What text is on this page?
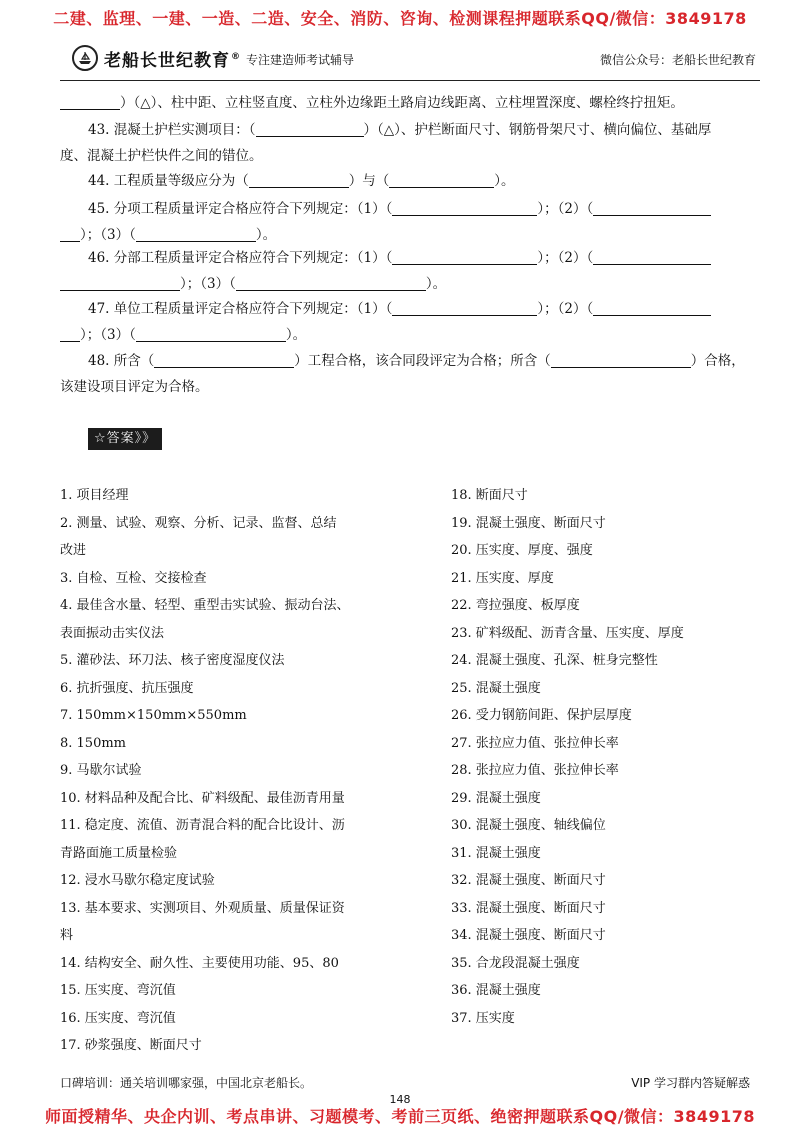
二建、监理、一建、一造、二造、安全、消防、咨询、检测课程押题联系QQ/微信：3849178
老船长世纪教育® 专注建造师考试辅导	微信公众号：老船长世纪教育
）（△）、柱中距、立柱竖直度、立柱外边缘距土路肩边线距离、立柱埋置深度、螺栓终拧扭矩。
43. 混凝土护栏实测项目：（	）（△）、护栏断面尺寸、钢筋骨架尺寸、横向偏位、基础厚
度、混凝土护栏快件之间的错位。
44. 工程质量等级应分为（	）与（	）。
45. 分项工程质量评定合格应符合下列规定：（1）（	）；（2）（
）；（3）（	）。
46. 分部工程质量评定合格应符合下列规定：（1）（	）；（2）（
）；（3）（	）。
47. 单位工程质量评定合格应符合下列规定：（1）（	）；（2）（
）；（3）（	）。
48. 所含（	）工程合格，该合同段评定为合格；所含（	）合格，
该建设项目评定为合格。
☆答案》》
1. 项目经理
2. 测量、试验、观察、分析、记录、监督、总结
改进
3. 自检、互检、交接检查
4. 最佳含水量、轻型、重型击实试验、振动台法、
表面振动击实仪法
5. 灌砂法、环刀法、核子密度湿度仪法
6. 抗折强度、抗压强度
7. 150mm×150mm×550mm
8. 150mm
9. 马歇尔试验
10. 材料品种及配合比、矿料级配、最佳沥青用量
11. 稳定度、流值、沥青混合料的配合比设计、沥
青路面施工质量检验
12. 浸水马歇尔稳定度试验
13. 基本要求、实测项目、外观质量、质量保证资
料
14. 结构安全、耐久性、主要使用功能、95、80
15. 压实度、弯沉值
16. 压实度、弯沉值
17. 砂浆强度、断面尺寸
18. 断面尺寸
19. 混凝土强度、断面尺寸
20. 压实度、厚度、强度
21. 压实度、厚度
22. 弯拉强度、板厚度
23. 矿料级配、沥青含量、压实度、厚度
24. 混凝土强度、孔深、桩身完整性
25. 混凝土强度
26. 受力钢筋间距、保护层厚度
27. 张拉应力值、张拉伸长率
28. 张拉应力值、张拉伸长率
29. 混凝土强度
30. 混凝土强度、轴线偏位
31. 混凝土强度
32. 混凝土强度、断面尺寸
33. 混凝土强度、断面尺寸
34. 混凝土强度、断面尺寸
35. 合龙段混凝土强度
36. 混凝土强度
37. 压实度
口碑培训：通关培训哪家强，中国北京老船长。	VIP 学习群内答疑解惑
148
师面授精华、央企内训、考点串讲、习题模考、考前三页纸、绝密押题联系QQ/微信：3849178
